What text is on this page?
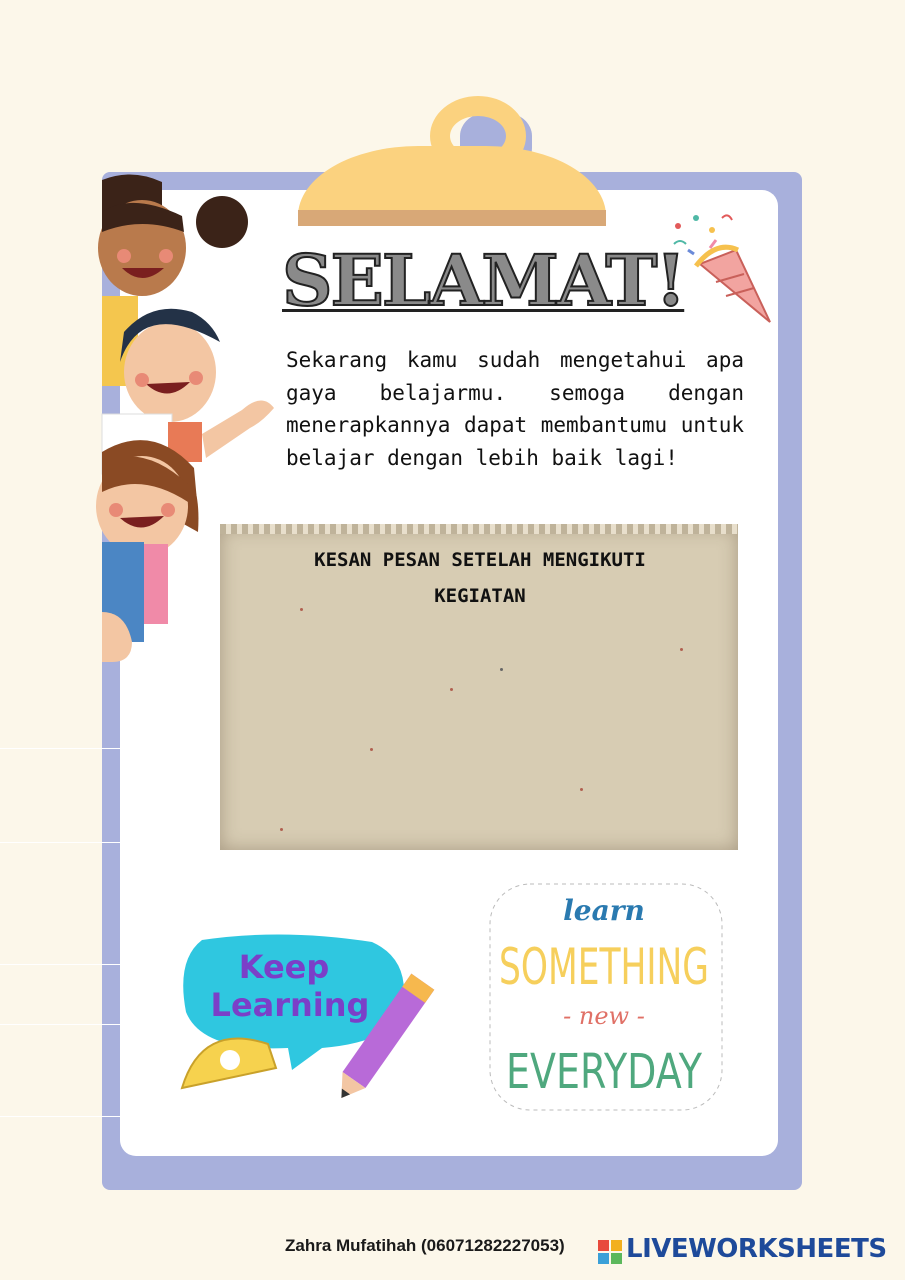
SELAMAT!
Sekarang kamu sudah mengetahui apa gaya belajarmu. semoga dengan menerapkannya dapat membantumu untuk belajar dengan lebih baik lagi!
KESAN PESAN SETELAH MENGIKUTI
KEGIATAN
Keep
Learning
learn
SOMETHING
- new -
EVERYDAY
Zahra Mufatihah (06071282227053) LIVEWORKSHEETS
